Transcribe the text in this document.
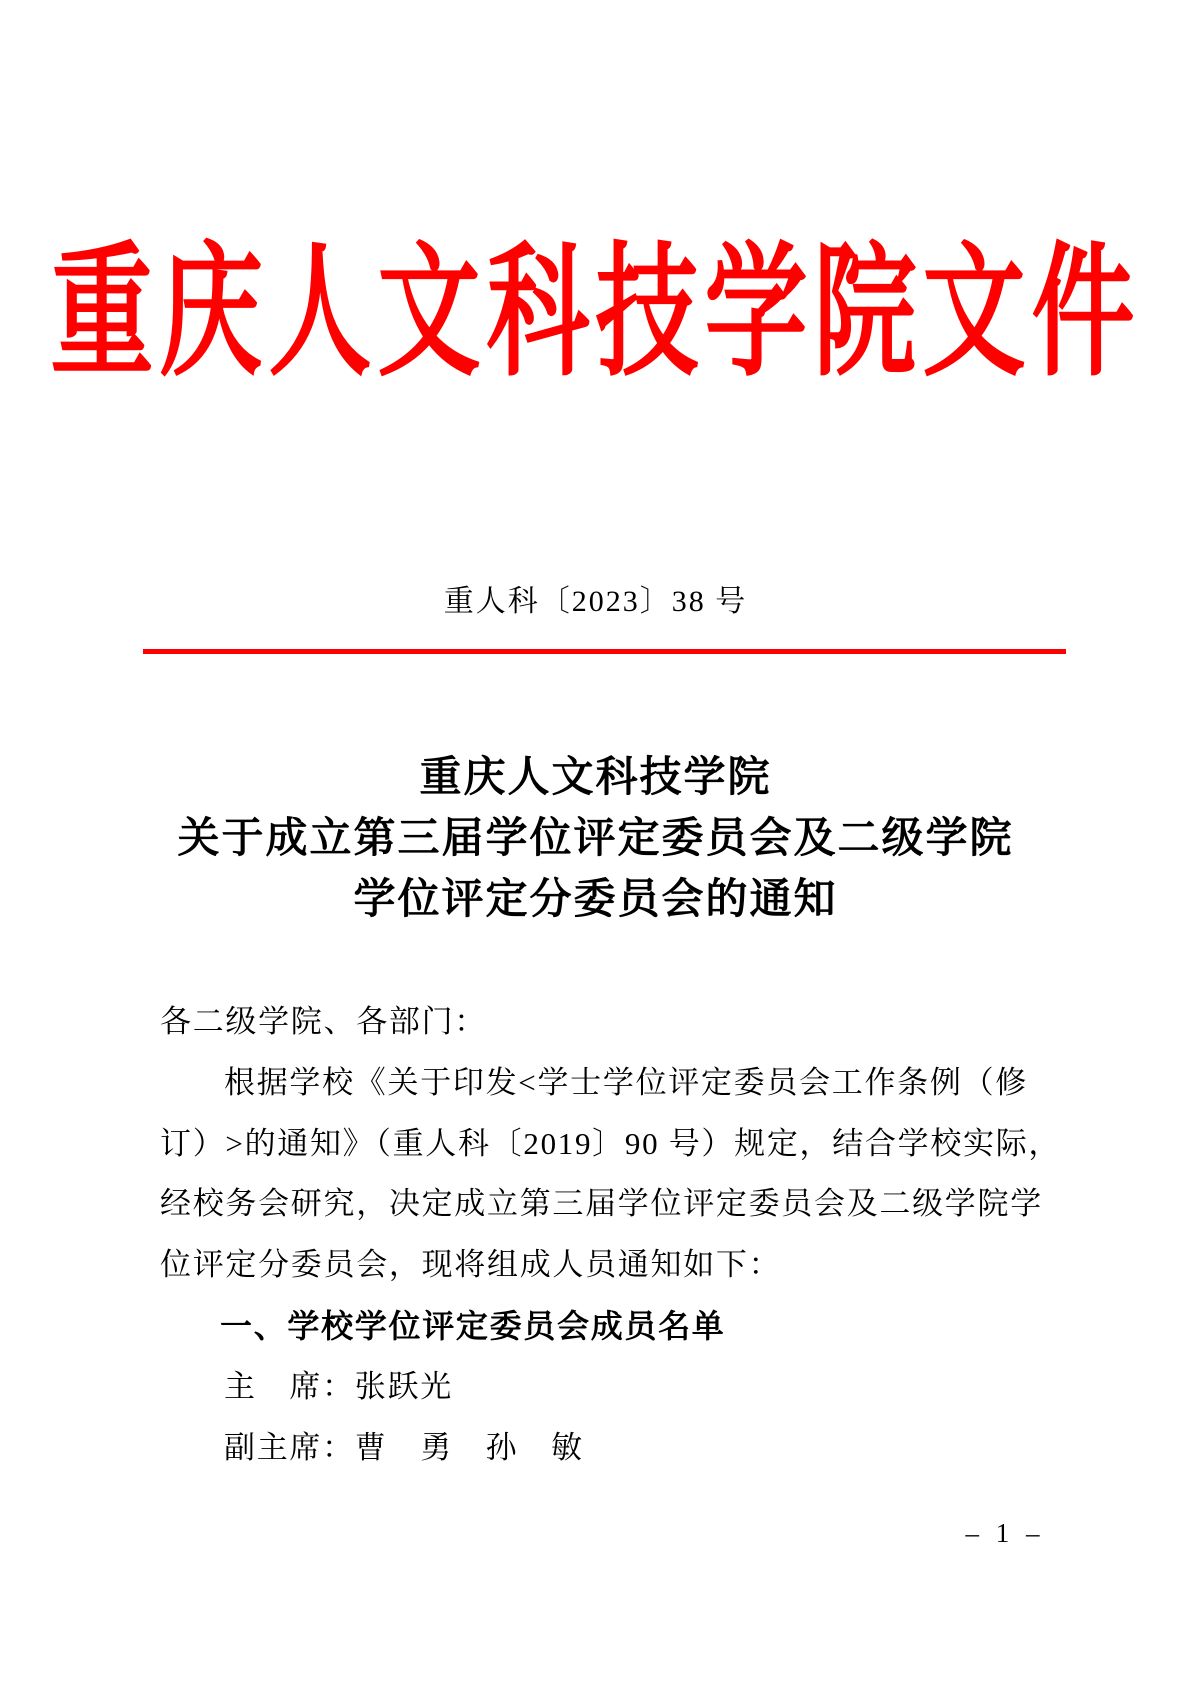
重庆人文科技学院文件
重人科〔2023〕38 号
重庆人文科技学院
关于成立第三届学位评定委员会及二级学院
学位评定分委员会的通知
各二级学院、各部门：
根据学校《关于印发<学士学位评定委员会工作条例（修
订）>的通知》（重人科〔2019〕90 号）规定，结合学校实际，
经校务会研究，决定成立第三届学位评定委员会及二级学院学
位评定分委员会，现将组成人员通知如下：
一、学校学位评定委员会成员名单
主　席：张跃光
副主席：曹　勇　孙　敏
– 1 –
